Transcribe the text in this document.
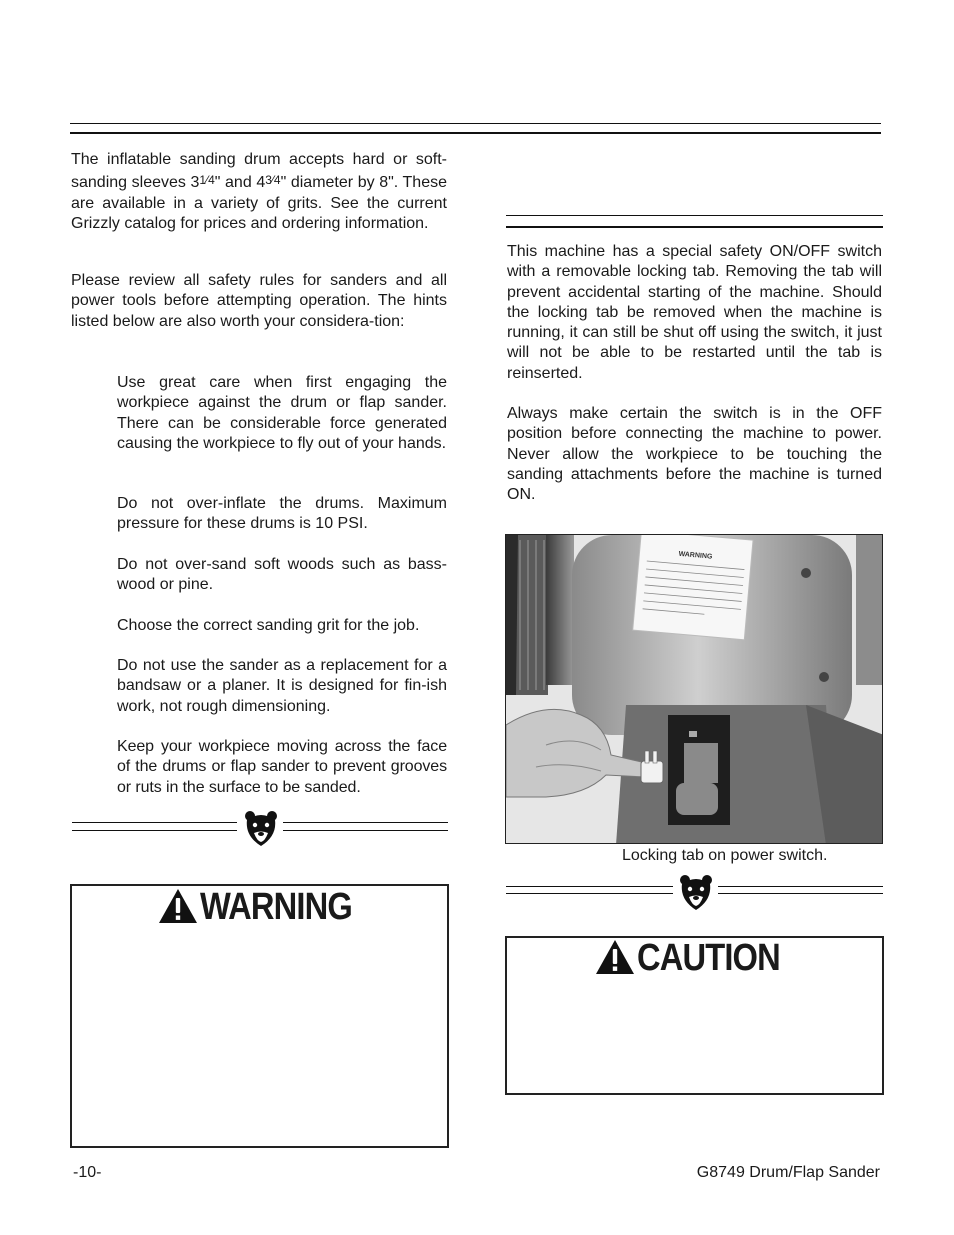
The inflatable sanding drum accepts hard or soft-sanding sleeves 31⁄4" and 43⁄4" diameter by 8". These are available in a variety of grits. See the current Grizzly catalog for prices and ordering information.

Please review all safety rules for sanders and all power tools before attempting operation. The hints listed below are also worth your considera-tion:

Use great care when first engaging the workpiece against the drum or flap sander. There can be considerable force generated causing the workpiece to fly out of your hands.

Do not over-inflate the drums. Maximum pressure for these drums is 10 PSI.

Do not over-sand soft woods such as bass-wood or pine.

Choose the correct sanding grit for the job.

Do not use the sander as a replacement for a bandsaw or a planer. It is designed for fin-ish work, not rough dimensioning.

Keep your workpiece moving across the face of the drums or flap sander to prevent grooves or ruts in the surface to be sanded.

WARNING

This machine has a special safety ON/OFF switch with a removable locking tab. Removing the tab will prevent accidental starting of the machine. Should the locking tab be removed when the machine is running, it can still be shut off using the switch, it just will not be able to be restarted until the tab is reinserted.

Always make certain the switch is in the OFF position before connecting the machine to power. Never allow the workpiece to be touching the sanding attachments before the machine is turned ON.

WARNING
Locking tab on power switch.
CAUTION
-10-	G8749 Drum/Flap Sander
